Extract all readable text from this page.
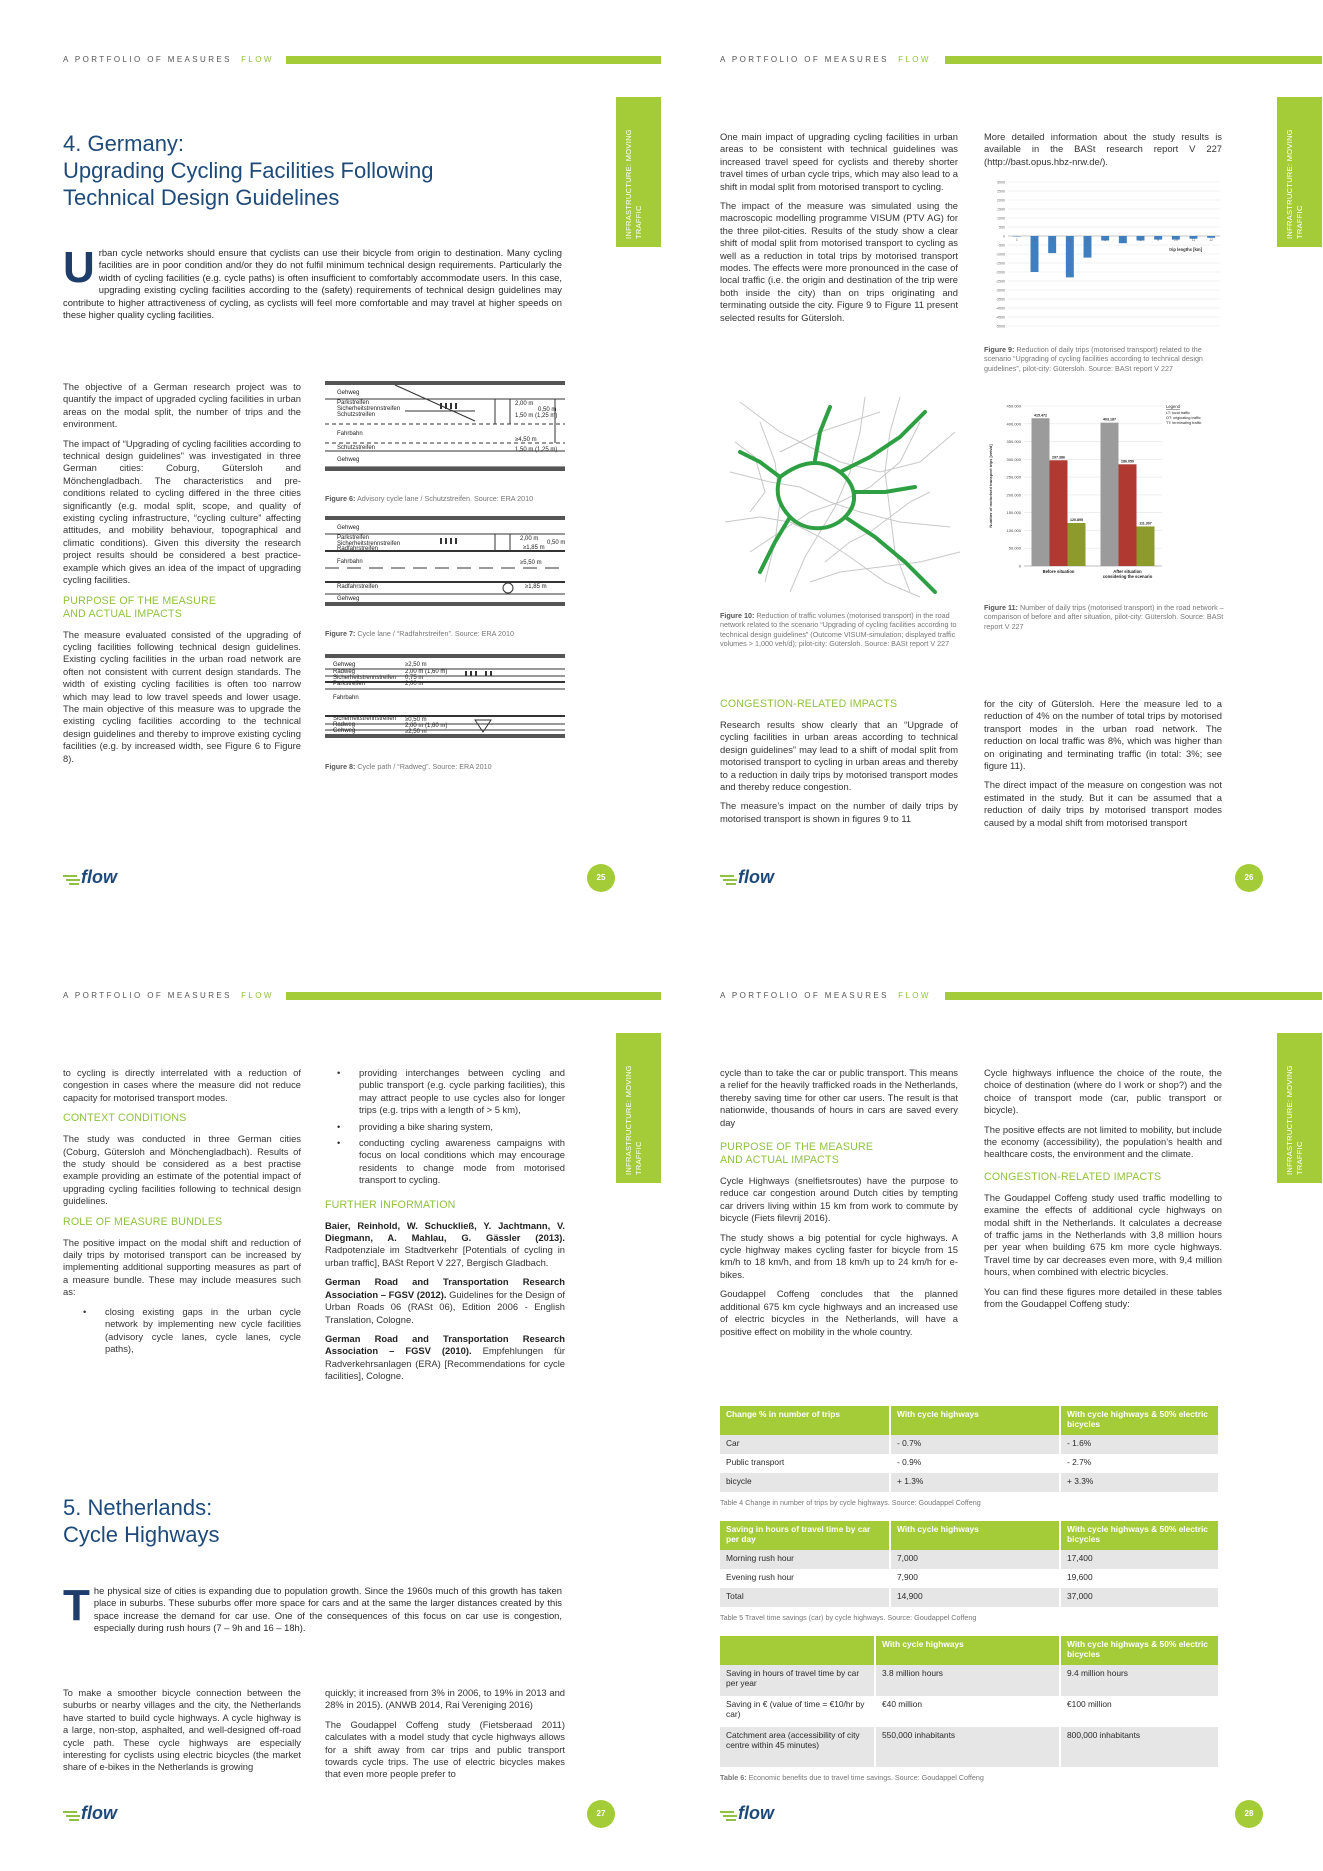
A PORTFOLIO OF MEASURES FLOW
INFRASTRUCTURE: MOVING TRAFFIC
4. Germany:
Upgrading Cycling Facilities Following
Technical Design Guidelines
Urban cycle networks should ensure that cyclists can use their bicycle from origin to destination. Many cycling facilities are in poor condition and/or they do not fulfil minimum technical design requirements. Particularly the width of cycling facilities (e.g. cycle paths) is often insufficient to comfortably accommodate users. In this case, upgrading existing cycling facilities according to the (safety) requirements of technical design guidelines may contribute to higher attractiveness of cycling, as cyclists will feel more comfortable and may travel at higher speeds on these higher quality cycling facilities.

The objective of a German research project was to quantify the impact of upgraded cycling facilities in urban areas on the modal split, the number of trips and the environment.

The impact of “Upgrading of cycling facilities according to technical design guidelines” was investigated in three German cities: Coburg, Gütersloh and Mönchengladbach. The characteristics and pre-conditions related to cycling differed in the three cities significantly (e.g. modal split, scope, and quality of existing cycling infrastructure, “cycling culture” affecting attitudes, and mobility behaviour, topographical and climatic conditions). Given this diversity the research project results should be considered a best practice-example which gives an idea of the impact of upgrading cycling facilities.

PURPOSE OF THE MEASURE
AND ACTUAL IMPACTS

The measure evaluated consisted of the upgrading of cycling facilities following technical design guidelines. Existing cycling facilities in the urban road network are often not consistent with current design standards. The width of existing cycling facilities is often too narrow which may lead to low travel speeds and lower usage. The main objective of this measure was to upgrade the existing cycling facilities according to the technical design guidelines and thereby to improve existing cycling facilities (e.g. by increased width, see Figure 6 to Figure 8).

Gehweg
Parkstreifen
Sicherheitstrennstreifen
Schutzstreifen
Fahrbahn
Schutzstreifen
Gehweg
2,00 m
0,50 m
1,50 m (1,25 m)
≥4,50 m
1,50 m (1,25 m)
Figure 6: Advisory cycle lane / Schutzstreifen. Source: ERA 2010
Gehweg
Parkstreifen
Sicherheitstrennstreifen
Radfahrstreifen
Fahrbahn
Radfahrstreifen
Gehweg
2,00 m
0,50 m
≥1,85 m
≥5,50 m
≥1,85 m
Figure 7: Cycle lane / “Radfahrstreifen”. Source: ERA 2010
Gehweg
Radweg
Sicherheitstrennstreifen
Parkstreifen
Fahrbahn
Sicherheitstrennstreifen
Radweg
Gehweg
≥2,50 m
2,00 m (1,60 m)
0,75 m
2,00 m
≥0,50 m
2,00 m (1,60 m)
≥2,50 m
Figure 8: Cycle path / “Radweg”. Source: ERA 2010
flow	25
A PORTFOLIO OF MEASURES FLOW
INFRASTRUCTURE: MOVING TRAFFIC

One main impact of upgrading cycling facilities in urban areas to be consistent with technical guidelines was increased travel speed for cyclists and thereby shorter travel times of urban cycle trips, which may also lead to a shift in modal split from motorised transport to cycling.

The impact of the measure was simulated using the macroscopic modelling programme VISUM (PTV AG) for the three pilot-cities. Results of the study show a clear shift of modal split from motorised transport to cycling as well as a reduction in total trips by motorised transport modes. The effects were more pronounced in the case of local traffic (i.e. the origin and destination of the trip were both inside the city) than on trips originating and terminating outside the city. Figure 9 to Figure 11 present selected results for Gütersloh.

More detailed information about the study results is available in the BASt research report V 227 (http://bast.opus.hbz-nrw.de/).

3000
2500
2000
1500
1000
500
0
-500
-1000
-1500
-2000
-2500
-3000
-3500
-4000
-4500
-5000
1	2	3	4	5	6	7	8	9	10	11	12
trip lengths [km]
Figure 9: Reduction of daily trips (motorised transport) related to the scenario “Upgrading of cycling facilities according to technical design guidelines”, pilot-city: Gütersloh. Source: BASt report V 227
Figure 10: Reduction of traffic volumes (motorised transport) in the road network related to the scenario “Upgrading of cycling facilities according to technical design guidelines” (Outcome VISUM-simulation; displayed traffic volumes > 1,000 veh/d); pilot-city: Gütersloh. Source: BASt report V 227
450.000
400.000
350.000
300.000
250.000
200.000
150.000
100.000
50.000
0
Number of motorised transport trips [veh/d]
415.472
297.386
120.895
Before situation
403.187
286.050
111.307
After situation
considering the scenario
Legend
LT: local traffic
OT: originating traffic
TT: terminating traffic
Figure 11: Number of daily trips (motorised transport) in the road network – comparison of before and after situation, pilot-city: Gütersloh. Source: BASt report V 227
CONGESTION-RELATED IMPACTS

Research results show clearly that an “Upgrade of cycling facilities in urban areas according to technical design guidelines” may lead to a shift of modal split from motorised transport to cycling in urban areas and thereby to a reduction in daily trips by motorised transport modes and thereby reduce congestion.

The measure’s impact on the number of daily trips by motorised transport is shown in figures 9 to 11

for the city of Gütersloh. Here the measure led to a reduction of 4% on the number of total trips by motorised transport modes in the urban road network. The reduction on local traffic was 8%, which was higher than on originating and terminating traffic (in total: 3%; see figure 11).

The direct impact of the measure on congestion was not estimated in the study. But it can be assumed that a reduction of daily trips by motorised transport modes caused by a modal shift from motorised transport

flow	26
A PORTFOLIO OF MEASURES FLOW
INFRASTRUCTURE: MOVING TRAFFIC

to cycling is directly interrelated with a reduction of congestion in cases where the measure did not reduce capacity for motorised transport modes.

CONTEXT CONDITIONS

The study was conducted in three German cities (Coburg, Gütersloh and Mönchengladbach). Results of the study should be considered as a best practise example providing an estimate of the potential impact of upgrading cycling facilities following to technical design guidelines.

ROLE OF MEASURE BUNDLES

The positive impact on the modal shift and reduction of daily trips by motorised transport can be increased by implementing additional supporting measures as part of a measure bundle. These may include measures such as:

• closing existing gaps in the urban cycle network by implementing new cycle facilities (advisory cycle lanes, cycle lanes, cycle paths),
• providing interchanges between cycling and public transport (e.g. cycle parking facilities), this may attract people to use cycles also for longer trips (e.g. trips with a length of > 5 km),
• providing a bike sharing system,
• conducting cycling awareness campaigns with focus on local conditions which may encourage residents to change mode from motorised transport to cycling.
FURTHER INFORMATION
Baier, Reinhold, W. Schuckließ, Y. Jachtmann, V. Diegmann, A. Mahlau, G. Gässler (2013). Radpotenziale im Stadtverkehr [Potentials of cycling in urban traffic], BASt Report V 227, Bergisch Gladbach.
German Road and Transportation Research Association – FGSV (2012). Guidelines for the Design of Urban Roads 06 (RASt 06), Edition 2006 - English Translation, Cologne.
German Road and Transportation Research Association – FGSV (2010). Empfehlungen für Radverkehrsanlagen (ERA) [Recommendations for cycle facilities], Cologne.
5. Netherlands:
Cycle Highways
The physical size of cities is expanding due to population growth. Since the 1960s much of this growth has taken place in suburbs. These suburbs offer more space for cars and at the same the larger distances created by this space increase the demand for car use. One of the consequences of this focus on car use is congestion, especially during rush hours (7 – 9h and 16 – 18h).

To make a smoother bicycle connection between the suburbs or nearby villages and the city, the Netherlands have started to build cycle highways. A cycle highway is a large, non-stop, asphalted, and well-designed off-road cycle path. These cycle highways are especially interesting for cyclists using electric bicycles (the market share of e-bikes in the Netherlands is growing

quickly; it increased from 3% in 2006, to 19% in 2013 and 28% in 2015). (ANWB 2014, Rai Vereniging 2016)

The Goudappel Coffeng study (Fietsberaad 2011) calculates with a model study that cycle highways allows for a shift away from car trips and public transport towards cycle trips. The use of electric bicycles makes that even more people prefer to

flow	27
A PORTFOLIO OF MEASURES FLOW
INFRASTRUCTURE: MOVING TRAFFIC

cycle than to take the car or public transport. This means a relief for the heavily trafficked roads in the Netherlands, thereby saving time for other car users. The result is that nationwide, thousands of hours in cars are saved every day

PURPOSE OF THE MEASURE
AND ACTUAL IMPACTS

Cycle Highways (snelfietsroutes) have the purpose to reduce car congestion around Dutch cities by tempting car drivers living within 15 km from work to commute by bicycle (Fiets filevrij 2016).

The study shows a big potential for cycle highways. A cycle highway makes cycling faster for bicycle from 15 km/h to 18 km/h, and from 18 km/h up to 24 km/h for e-bikes.

Goudappel Coffeng concludes that the planned additional 675 km cycle highways and an increased use of electric bicycles in the Netherlands, will have a positive effect on mobility in the whole country.

Cycle highways influence the choice of the route, the choice of destination (where do I work or shop?) and the choice of transport mode (car, public transport or bicycle).

The positive effects are not limited to mobility, but include the economy (accessibility), the population’s health and healthcare costs, the environment and the climate.

CONGESTION-RELATED IMPACTS

The Goudappel Coffeng study used traffic modelling to examine the effects of additional cycle highways on modal shift in the Netherlands. It calculates a decrease of traffic jams in the Netherlands with 3,8 million hours per year when building 675 km more cycle highways. Travel time by car decreases even more, with 9,4 million hours, when combined with electric bicycles.

You can find these figures more detailed in these tables from the Goudappel Coffeng study:

Change % in number of trips	With cycle highways	With cycle highways & 50% electric bicycles
Car	- 0.7%	- 1.6%
Public transport	- 0.9%	- 2.7%
bicycle	+ 1.3%	+ 3.3%
Table 4 Change in number of trips by cycle highways. Source: Goudappel Coffeng
Saving in hours of travel time by car per day	With cycle highways	With cycle highways & 50% electric bicycles
Morning rush hour	7,000	17,400
Evening rush hour	7,900	19,600
Total	14,900	37,000
Table 5 Travel time savings (car) by cycle highways. Source: Goudappel Coffeng
	With cycle highways	With cycle highways & 50% electric bicycles
Saving in hours of travel time by car per year	3.8 million hours	9.4 million hours
Saving in € (value of time = €10/hr by car)	€40 million	€100 million
Catchment area (accessibility of city centre within 45 minutes)	550,000 inhabitants	800,000 inhabitants
Table 6: Economic benefits due to travel time savings. Source: Goudappel Coffeng
flow	28
